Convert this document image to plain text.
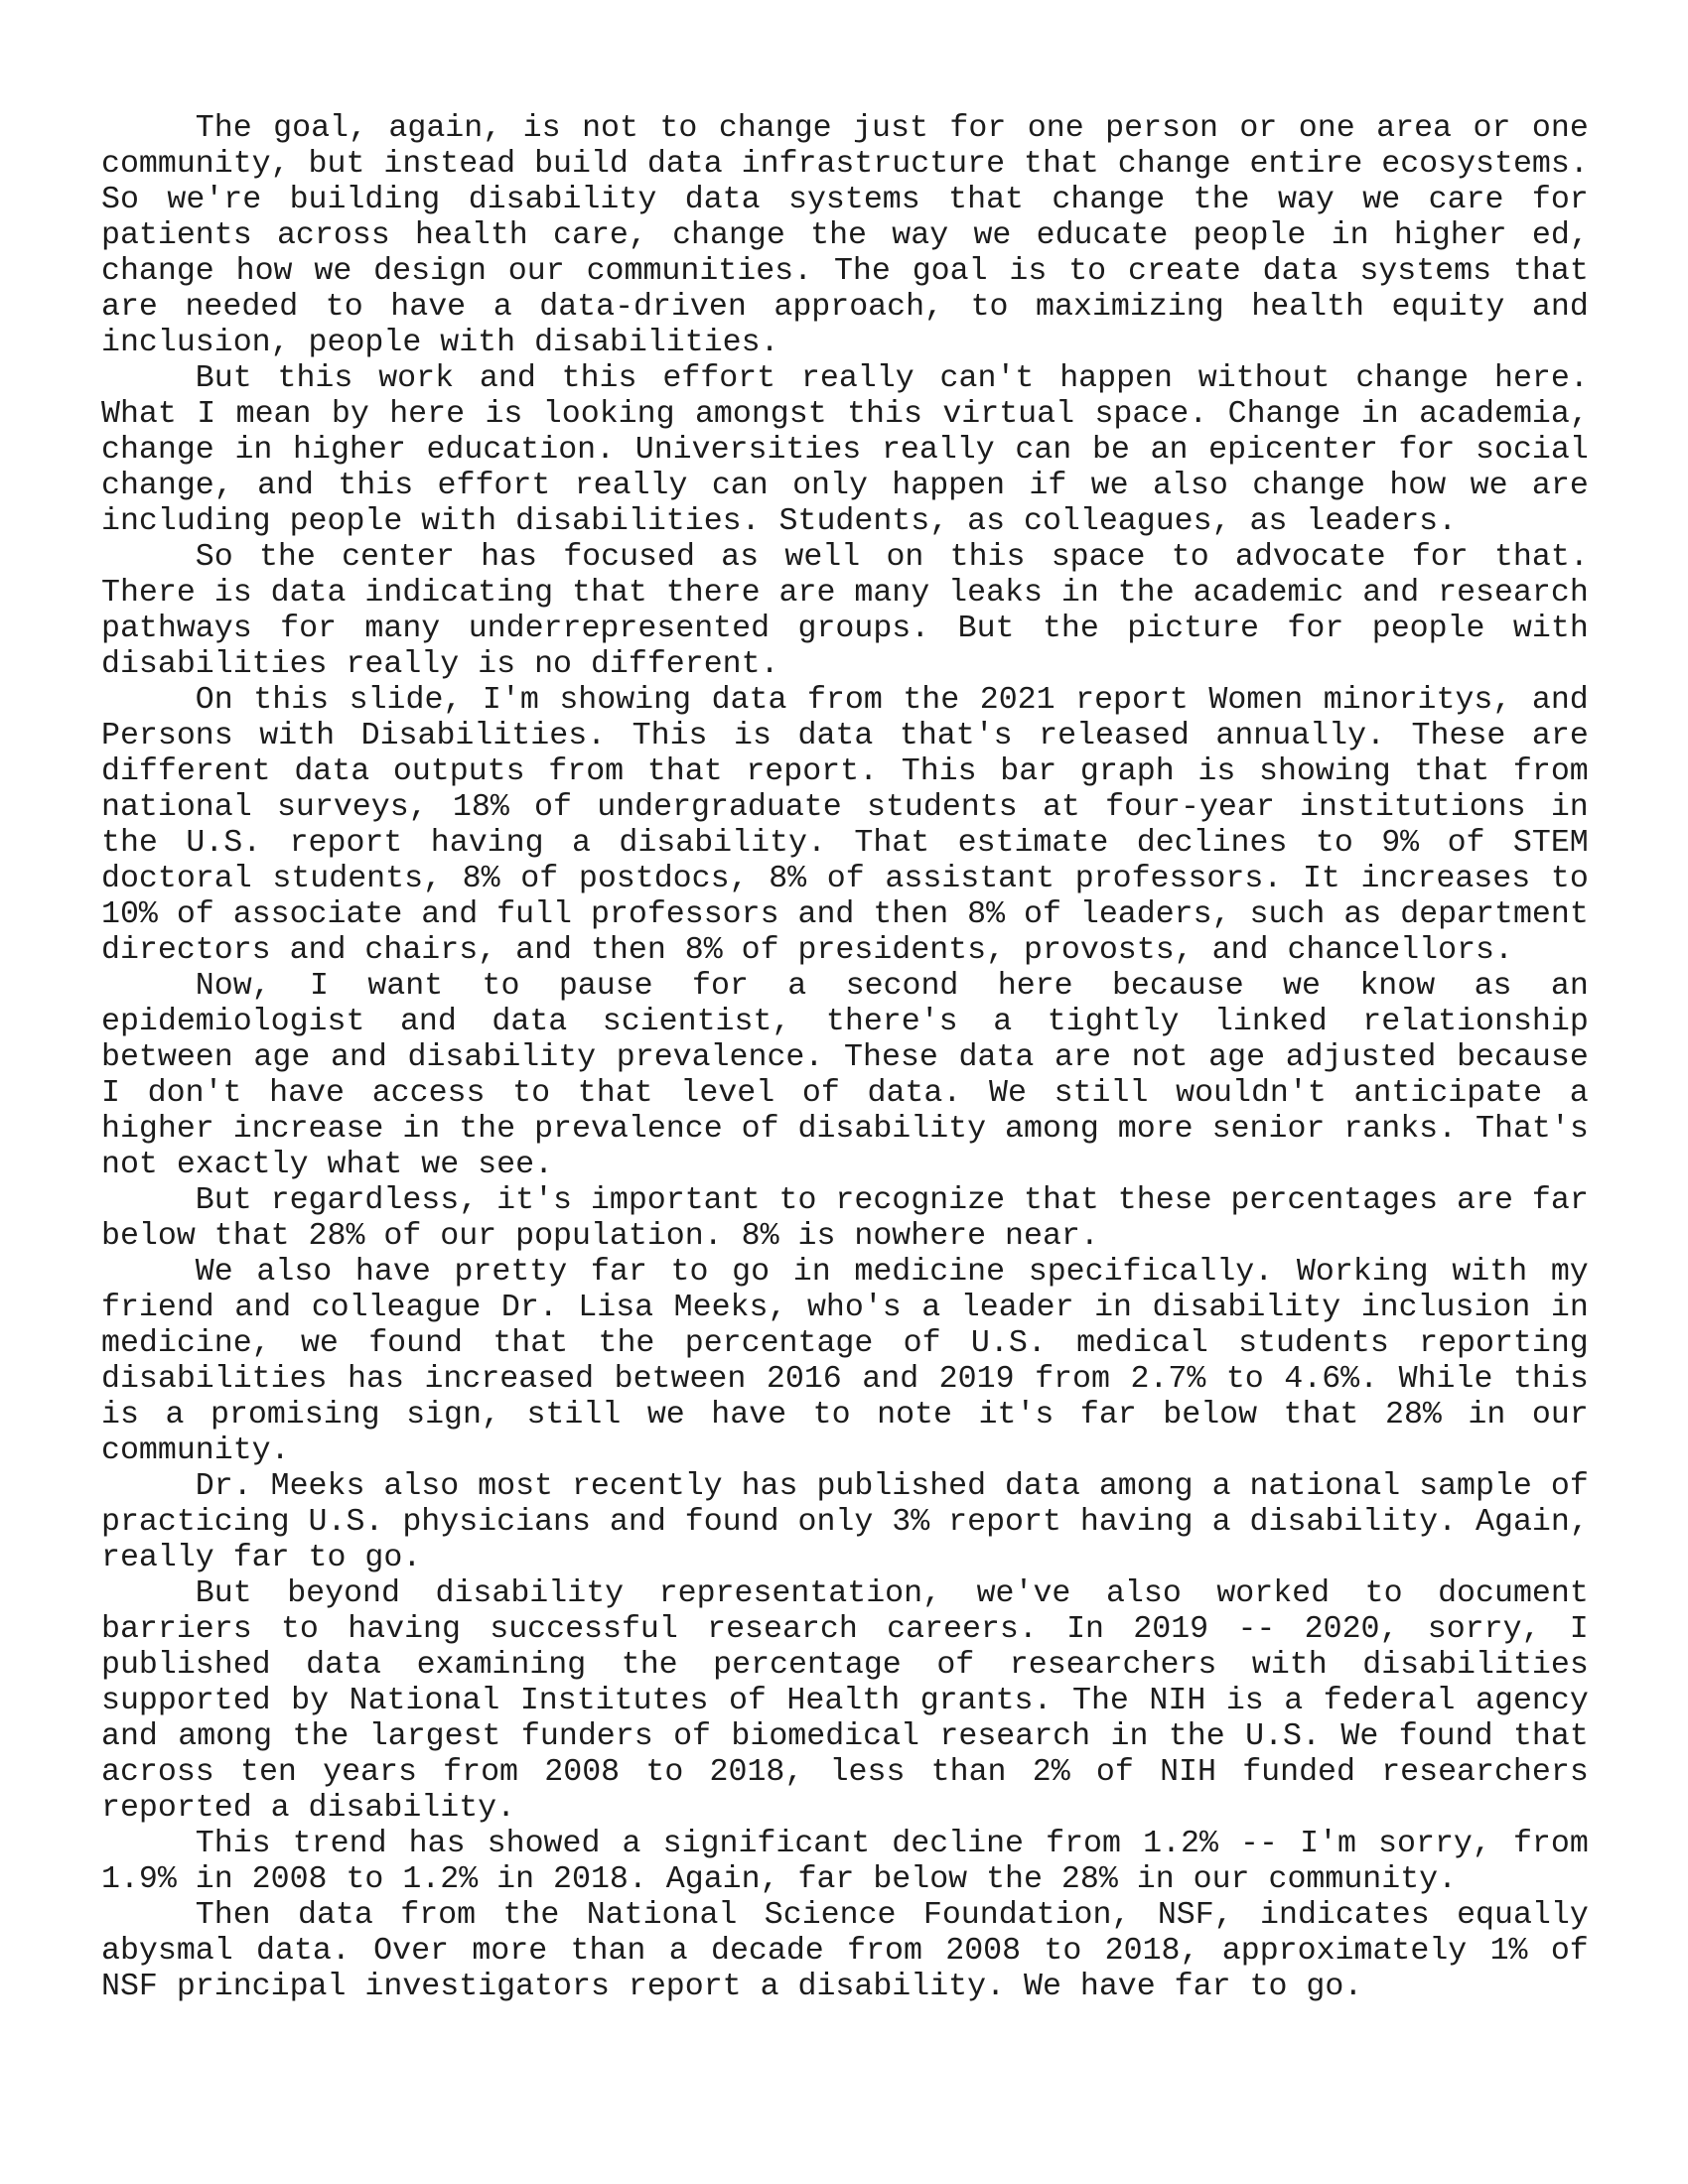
The goal, again, is not to change just for one person or one area or one community, but instead build data infrastructure that change entire ecosystems. So we're building disability data systems that change the way we care for patients across health care, change the way we educate people in higher ed, change how we design our communities. The goal is to create data systems that are needed to have a data-driven approach, to maximizing health equity and inclusion, people with disabilities.

But this work and this effort really can't happen without change here. What I mean by here is looking amongst this virtual space. Change in academia, change in higher education. Universities really can be an epicenter for social change, and this effort really can only happen if we also change how we are including people with disabilities. Students, as colleagues, as leaders.

So the center has focused as well on this space to advocate for that. There is data indicating that there are many leaks in the academic and research pathways for many underrepresented groups. But the picture for people with disabilities really is no different.

On this slide, I'm showing data from the 2021 report Women minoritys, and Persons with Disabilities. This is data that's released annually. These are different data outputs from that report. This bar graph is showing that from national surveys, 18% of undergraduate students at four-year institutions in the U.S. report having a disability. That estimate declines to 9% of STEM doctoral students, 8% of postdocs, 8% of assistant professors. It increases to 10% of associate and full professors and then 8% of leaders, such as department directors and chairs, and then 8% of presidents, provosts, and chancellors.

Now, I want to pause for a second here because we know as an epidemiologist and data scientist, there's a tightly linked relationship between age and disability prevalence. These data are not age adjusted because I don't have access to that level of data. We still wouldn't anticipate a higher increase in the prevalence of disability among more senior ranks. That's not exactly what we see.

But regardless, it's important to recognize that these percentages are far below that 28% of our population. 8% is nowhere near.

We also have pretty far to go in medicine specifically. Working with my friend and colleague Dr. Lisa Meeks, who's a leader in disability inclusion in medicine, we found that the percentage of U.S. medical students reporting disabilities has increased between 2016 and 2019 from 2.7% to 4.6%. While this is a promising sign, still we have to note it's far below that 28% in our community.

Dr. Meeks also most recently has published data among a national sample of practicing U.S. physicians and found only 3% report having a disability. Again, really far to go.

But beyond disability representation, we've also worked to document barriers to having successful research careers. In 2019 -- 2020, sorry, I published data examining the percentage of researchers with disabilities supported by National Institutes of Health grants. The NIH is a federal agency and among the largest funders of biomedical research in the U.S. We found that across ten years from 2008 to 2018, less than 2% of NIH funded researchers reported a disability.

This trend has showed a significant decline from 1.2% -- I'm sorry, from 1.9% in 2008 to 1.2% in 2018. Again, far below the 28% in our community.

Then data from the National Science Foundation, NSF, indicates equally abysmal data. Over more than a decade from 2008 to 2018, approximately 1% of NSF principal investigators report a disability. We have far to go.
